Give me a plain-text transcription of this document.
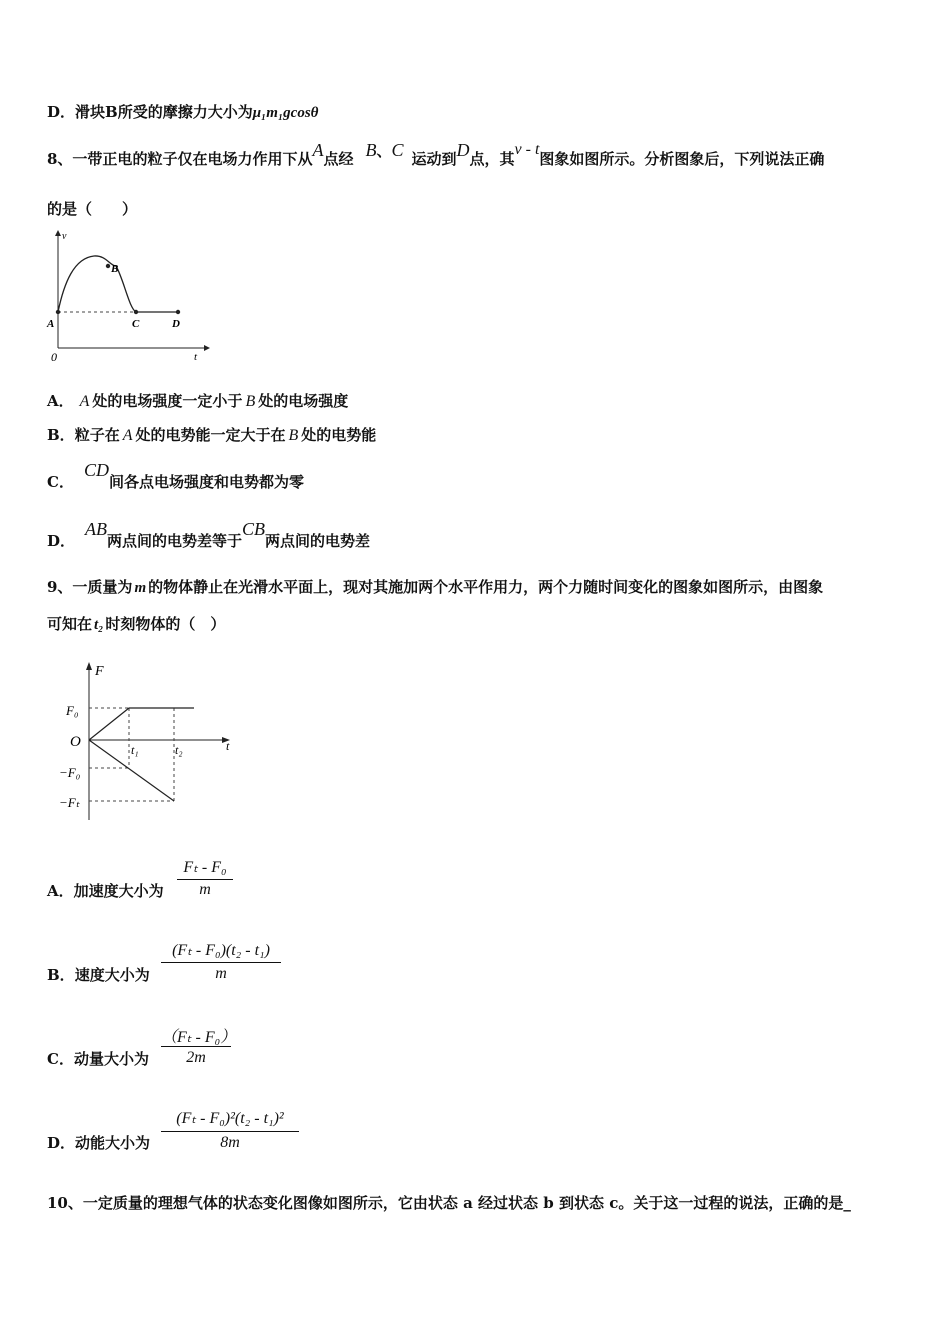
D．滑块B所受的摩擦力大小为μ₁m₁gcosθ
8、一带正电的粒子仅在电场力作用下从A点经 B、C 运动到D点，其v - t图象如图所示。分析图象后，下列说法正确
的是（　　）
v
t
0
A
B
C	D
A． A 处的电场强度一定小于 B 处的电场强度
B．粒子在 A 处的电势能一定大于在 B 处的电势能
C．CD间各点电场强度和电势都为零
D．AB两点间的电势差等于CB两点间的电势差
9、一质量为 m 的物体静止在光滑水平面上，现对其施加两个水平作用力，两个力随时间变化的图象如图所示，由图象
可知在 t₂ 时刻物体的（　）
F
t
O
F₀
−F₀
−Fₜ
t₁	t₂
A．加速度大小为
Fₜ - F₀
m
B．速度大小为
(Fₜ - F₀)(t₂ - t₁)
m
C．动量大小为
（Fₜ - F₀）
2m
D．动能大小为
(Fₜ - F₀)²(t₂ - t₁)²
8m
10、一定质量的理想气体的状态变化图像如图所示，它由状态 a 经过状态 b 到状态 c。关于这一过程的说法，正确的是_
